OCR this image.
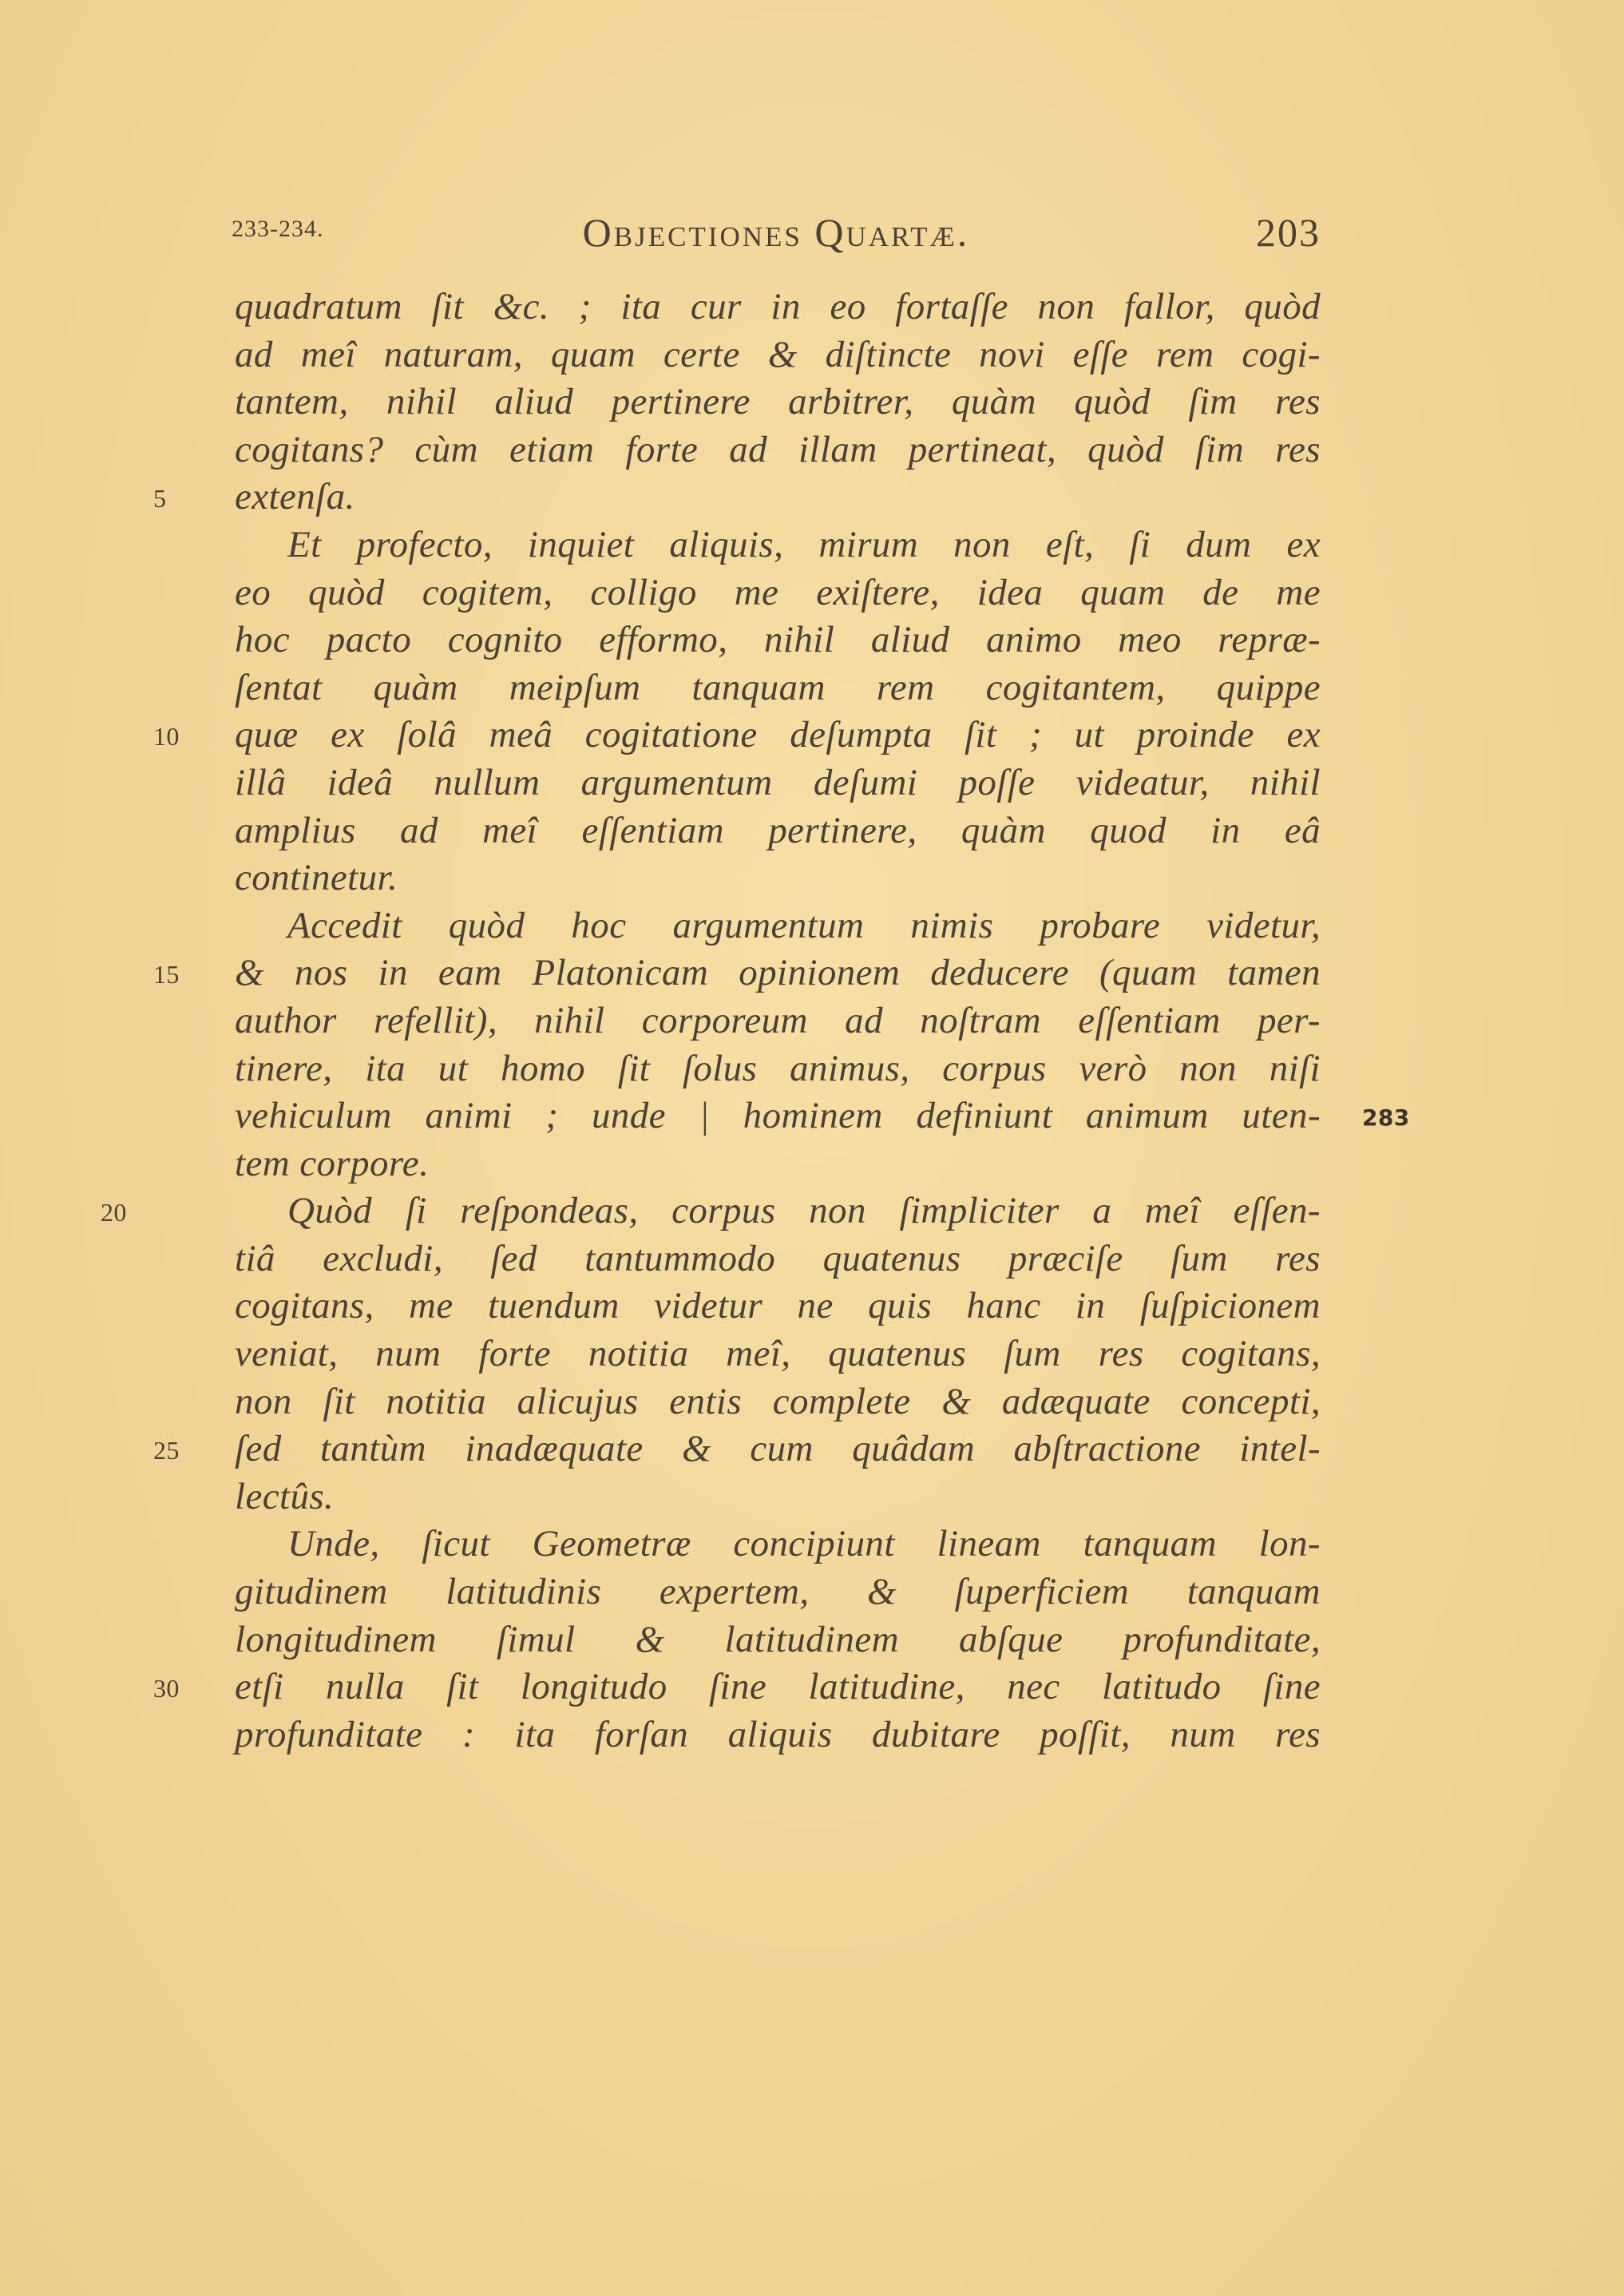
233-234.	Objectiones Quartæ.	203
quadratum ſit &c. ; ita cur in eo fortaſſe non fallor, quòd
ad meî naturam, quam certe & diſtincte novi eſſe rem cogi-
tantem, nihil aliud pertinere arbitrer, quàm quòd ſim res
cogitans? cùm etiam forte ad illam pertineat, quòd ſim res
5	extenſa.
Et profecto, inquiet aliquis, mirum non eſt, ſi dum ex
eo quòd cogitem, colligo me exiſtere, idea quam de me
hoc pacto cognito efformo, nihil aliud animo meo repræ-
ſentat quàm meipſum tanquam rem cogitantem, quippe
10	quæ ex ſolâ meâ cogitatione deſumpta ſit ; ut proinde ex
illâ ideâ nullum argumentum deſumi poſſe videatur, nihil
amplius ad meî eſſentiam pertinere, quàm quod in eâ
continetur.
Accedit quòd hoc argumentum nimis probare videtur,
15	& nos in eam Platonicam opinionem deducere (quam tamen
author refellit), nihil corporeum ad noſtram eſſentiam per-
tinere, ita ut homo ſit ſolus animus, corpus verò non niſi
vehiculum animi ; unde | hominem definiunt animum uten- 283
tem corpore.
20	Quòd ſi reſpondeas, corpus non ſimpliciter a meî eſſen-
tiâ excludi, ſed tantummodo quatenus præciſe ſum res
cogitans, me tuendum videtur ne quis hanc in ſuſpicionem
veniat, num forte notitia meî, quatenus ſum res cogitans,
non ſit notitia alicujus entis complete & adæquate concepti,
25	ſed tantùm inadæquate & cum quâdam abſtractione intel-
lectûs.
Unde, ſicut Geometræ concipiunt lineam tanquam lon-
gitudinem latitudinis expertem, & ſuperficiem tanquam
longitudinem ſimul & latitudinem abſque profunditate,
30	etſi nulla ſit longitudo ſine latitudine, nec latitudo ſine
profunditate : ita forſan aliquis dubitare poſſit, num res
